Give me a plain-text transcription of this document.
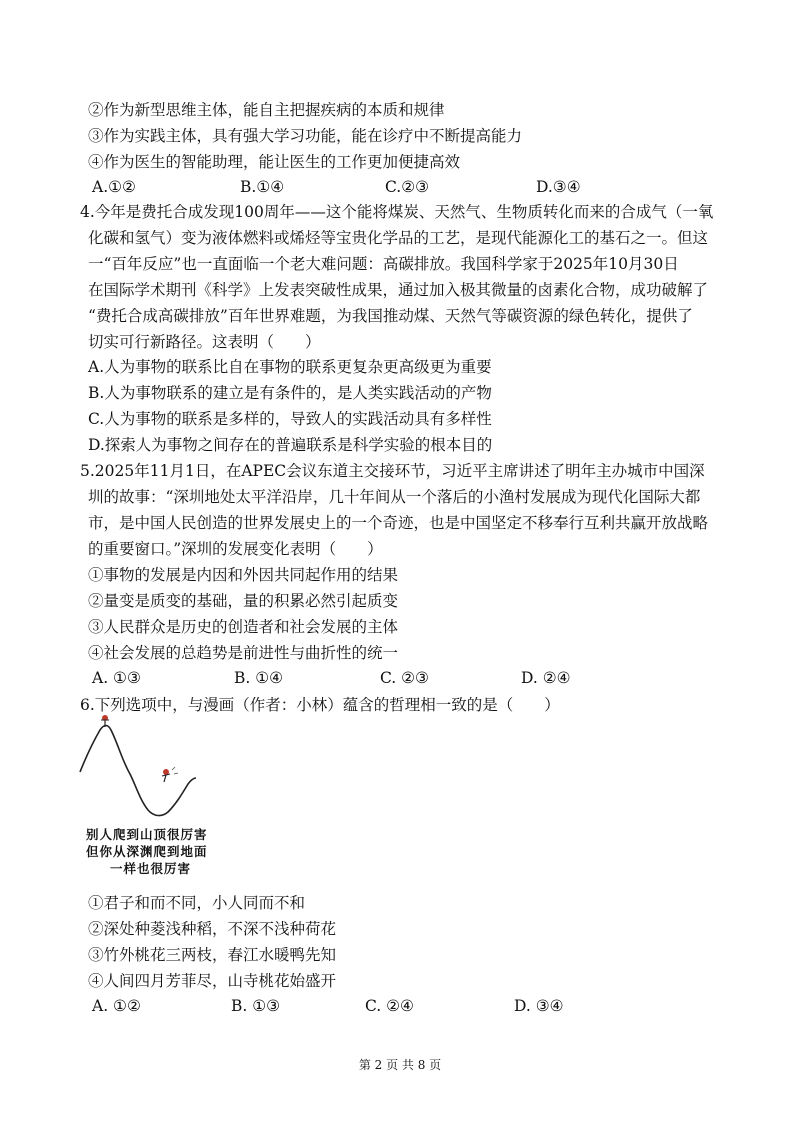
②作为新型思维主体，能自主把握疾病的本质和规律
③作为实践主体，具有强大学习功能，能在诊疗中不断提高能力
④作为医生的智能助理，能让医生的工作更加便捷高效
A.①②	B.①④	C.②③	D.③④
4.今年是费托合成发现100周年——这个能将煤炭、天然气、生物质转化而来的合成气（一氧
化碳和氢气）变为液体燃料或烯烃等宝贵化学品的工艺，是现代能源化工的基石之一。但这
一“百年反应”也一直面临一个老大难问题：高碳排放。我国科学家于2025年10月30日
在国际学术期刊《科学》上发表突破性成果，通过加入极其微量的卤素化合物，成功破解了
“费托合成高碳排放”百年世界难题，为我国推动煤、天然气等碳资源的绿色转化，提供了
切实可行新路径。这表明（　　）
A.人为事物的联系比自在事物的联系更复杂更高级更为重要
B.人为事物联系的建立是有条件的，是人类实践活动的产物
C.人为事物的联系是多样的，导致人的实践活动具有多样性
D.探索人为事物之间存在的普遍联系是科学实验的根本目的
5.2025年11月1日，在APEC会议东道主交接环节，习近平主席讲述了明年主办城市中国深
圳的故事：“深圳地处太平洋沿岸，几十年间从一个落后的小渔村发展成为现代化国际大都
市，是中国人民创造的世界发展史上的一个奇迹，也是中国坚定不移奉行互利共赢开放战略
的重要窗口。”深圳的发展变化表明（　　）
①事物的发展是内因和外因共同起作用的结果
②量变是质变的基础，量的积累必然引起质变
③人民群众是历史的创造者和社会发展的主体
④社会发展的总趋势是前进性与曲折性的统一
A. ①③	B. ①④	C. ②③	D. ②④
6.下列选项中，与漫画（作者：小林）蕴含的哲理相一致的是（　　）
别人爬到山顶很厉害
但你从深渊爬到地面
一样也很厉害
①君子和而不同，小人同而不和
②深处种菱浅种稻，不深不浅种荷花
③竹外桃花三两枝，春江水暖鸭先知
④人间四月芳菲尽，山寺桃花始盛开
A. ①②	B. ①③	C. ②④	D. ③④
第 2 页 共 8 页
